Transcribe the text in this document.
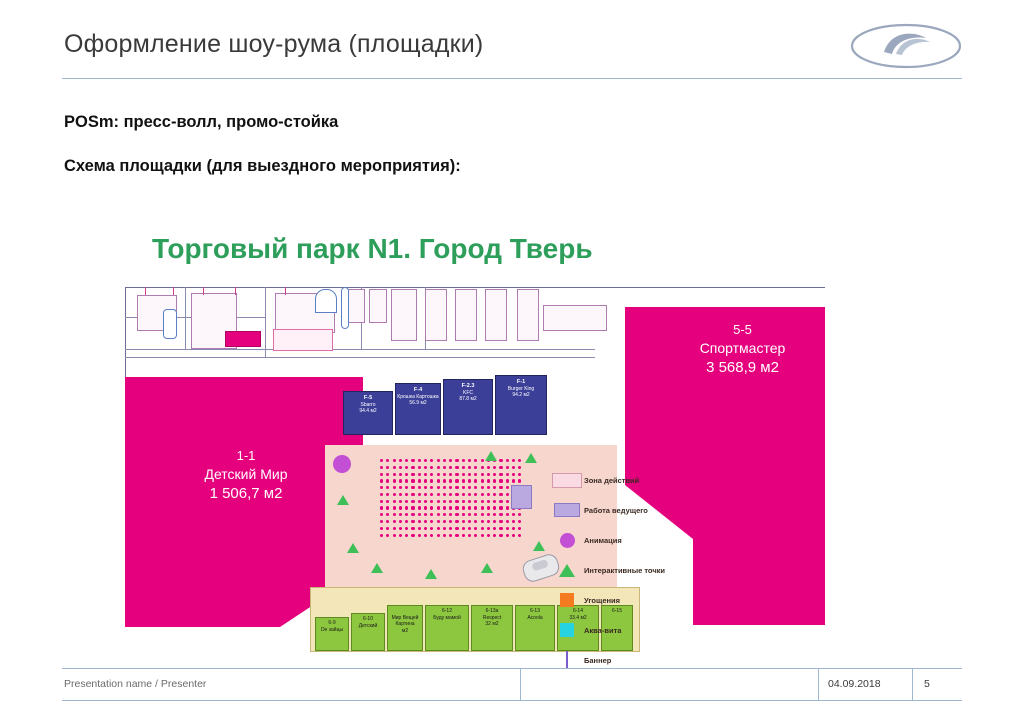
Оформление шоу-рума (площадки)
POSm: пресс-волл, промо-стойка
Схема площадки (для выездного мероприятия):
Торговый парк N1. Город Тверь
1-1
Детский Мир
1 506,7 м2
5-5
Спортмастер
3 568,9 м2
F-5
Sbarro
94.4 м2
F-4
Крошка Картошка
56.9 м2
F-2.3
KFC
87.8 м2
F-1
Burger King
94.2 м2
6-9
Dе зайцы
6-10
Детский

Мир Вещей Картина
м2
6-12
Буду мамой
6-13а
Respect
32 м2
6-13
Acoola
6-14
33.4 м2
6-15
Зона действий
Работа ведущего
Анимация
Интерактивные точки
Угощения
Аква-вита
Баннер
Presentation name / Presenter	04.09.2018	5
